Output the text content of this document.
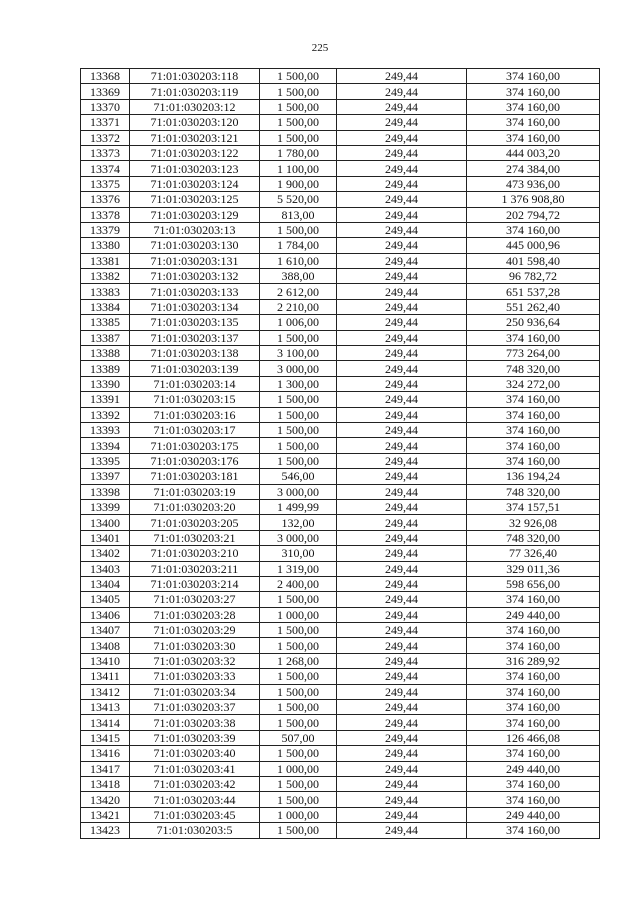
225
13368	71:01:030203:118	1 500,00	249,44	374 160,00
13369	71:01:030203:119	1 500,00	249,44	374 160,00
13370	71:01:030203:12	1 500,00	249,44	374 160,00
13371	71:01:030203:120	1 500,00	249,44	374 160,00
13372	71:01:030203:121	1 500,00	249,44	374 160,00
13373	71:01:030203:122	1 780,00	249,44	444 003,20
13374	71:01:030203:123	1 100,00	249,44	274 384,00
13375	71:01:030203:124	1 900,00	249,44	473 936,00
13376	71:01:030203:125	5 520,00	249,44	1 376 908,80
13378	71:01:030203:129	813,00	249,44	202 794,72
13379	71:01:030203:13	1 500,00	249,44	374 160,00
13380	71:01:030203:130	1 784,00	249,44	445 000,96
13381	71:01:030203:131	1 610,00	249,44	401 598,40
13382	71:01:030203:132	388,00	249,44	96 782,72
13383	71:01:030203:133	2 612,00	249,44	651 537,28
13384	71:01:030203:134	2 210,00	249,44	551 262,40
13385	71:01:030203:135	1 006,00	249,44	250 936,64
13387	71:01:030203:137	1 500,00	249,44	374 160,00
13388	71:01:030203:138	3 100,00	249,44	773 264,00
13389	71:01:030203:139	3 000,00	249,44	748 320,00
13390	71:01:030203:14	1 300,00	249,44	324 272,00
13391	71:01:030203:15	1 500,00	249,44	374 160,00
13392	71:01:030203:16	1 500,00	249,44	374 160,00
13393	71:01:030203:17	1 500,00	249,44	374 160,00
13394	71:01:030203:175	1 500,00	249,44	374 160,00
13395	71:01:030203:176	1 500,00	249,44	374 160,00
13397	71:01:030203:181	546,00	249,44	136 194,24
13398	71:01:030203:19	3 000,00	249,44	748 320,00
13399	71:01:030203:20	1 499,99	249,44	374 157,51
13400	71:01:030203:205	132,00	249,44	32 926,08
13401	71:01:030203:21	3 000,00	249,44	748 320,00
13402	71:01:030203:210	310,00	249,44	77 326,40
13403	71:01:030203:211	1 319,00	249,44	329 011,36
13404	71:01:030203:214	2 400,00	249,44	598 656,00
13405	71:01:030203:27	1 500,00	249,44	374 160,00
13406	71:01:030203:28	1 000,00	249,44	249 440,00
13407	71:01:030203:29	1 500,00	249,44	374 160,00
13408	71:01:030203:30	1 500,00	249,44	374 160,00
13410	71:01:030203:32	1 268,00	249,44	316 289,92
13411	71:01:030203:33	1 500,00	249,44	374 160,00
13412	71:01:030203:34	1 500,00	249,44	374 160,00
13413	71:01:030203:37	1 500,00	249,44	374 160,00
13414	71:01:030203:38	1 500,00	249,44	374 160,00
13415	71:01:030203:39	507,00	249,44	126 466,08
13416	71:01:030203:40	1 500,00	249,44	374 160,00
13417	71:01:030203:41	1 000,00	249,44	249 440,00
13418	71:01:030203:42	1 500,00	249,44	374 160,00
13420	71:01:030203:44	1 500,00	249,44	374 160,00
13421	71:01:030203:45	1 000,00	249,44	249 440,00
13423	71:01:030203:5	1 500,00	249,44	374 160,00
